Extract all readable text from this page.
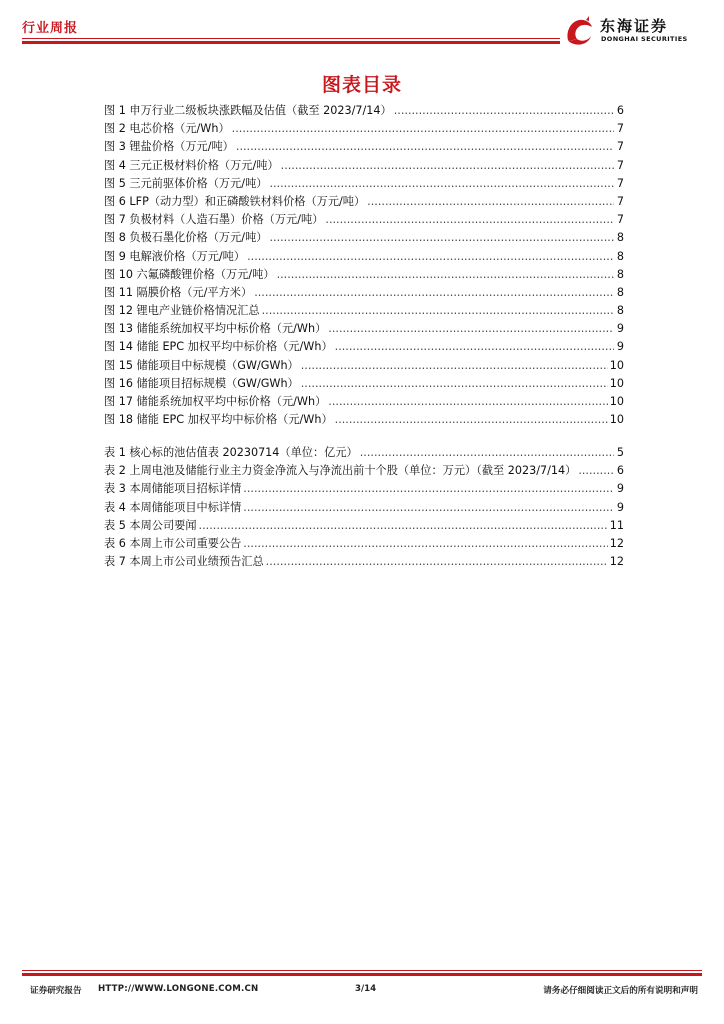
行业周报	东海证券
DONGHAI SECURITIES
图表目录
图 1 申万行业二级板块涨跌幅及估值（截至 2023/7/14） .....	6
图 2 电芯价格（元/Wh） .....	7
图 3 锂盐价格（万元/吨） .....	7
图 4 三元正极材料价格（万元/吨） .....	7
图 5 三元前驱体价格（万元/吨） .....	7
图 6 LFP（动力型）和正磷酸铁材料价格（万元/吨） .....	7
图 7 负极材料（人造石墨）价格（万元/吨） .....	7
图 8 负极石墨化价格（万元/吨） .....	8
图 9 电解液价格（万元/吨） .....	8
图 10 六氟磷酸锂价格（万元/吨） .....	8
图 11 隔膜价格（元/平方米） .....	8
图 12 锂电产业链价格情况汇总 .....	8
图 13 储能系统加权平均中标价格（元/Wh） .....	9
图 14 储能 EPC 加权平均中标价格（元/Wh） .....	9
图 15 储能项目中标规模（GW/GWh） .....	10
图 16 储能项目招标规模（GW/GWh） .....	10
图 17 储能系统加权平均中标价格（元/Wh） .....	10
图 18 储能 EPC 加权平均中标价格（元/Wh） .....	10
表 1 核心标的池估值表 20230714（单位：亿元） .....	5
表 2 上周电池及储能行业主力资金净流入与净流出前十个股（单位：万元）（截至 2023/7/14） .....	6
表 3 本周储能项目招标详情 .....	9
表 4 本周储能项目中标详情 .....	9
表 5 本周公司要闻 .....	11
表 6 本周上市公司重要公告 .....	12
表 7 本周上市公司业绩预告汇总 .....	12
证券研究报告 HTTP://WWW.LONGONE.COM.CN	3/14	请务必仔细阅读正文后的所有说明和声明
